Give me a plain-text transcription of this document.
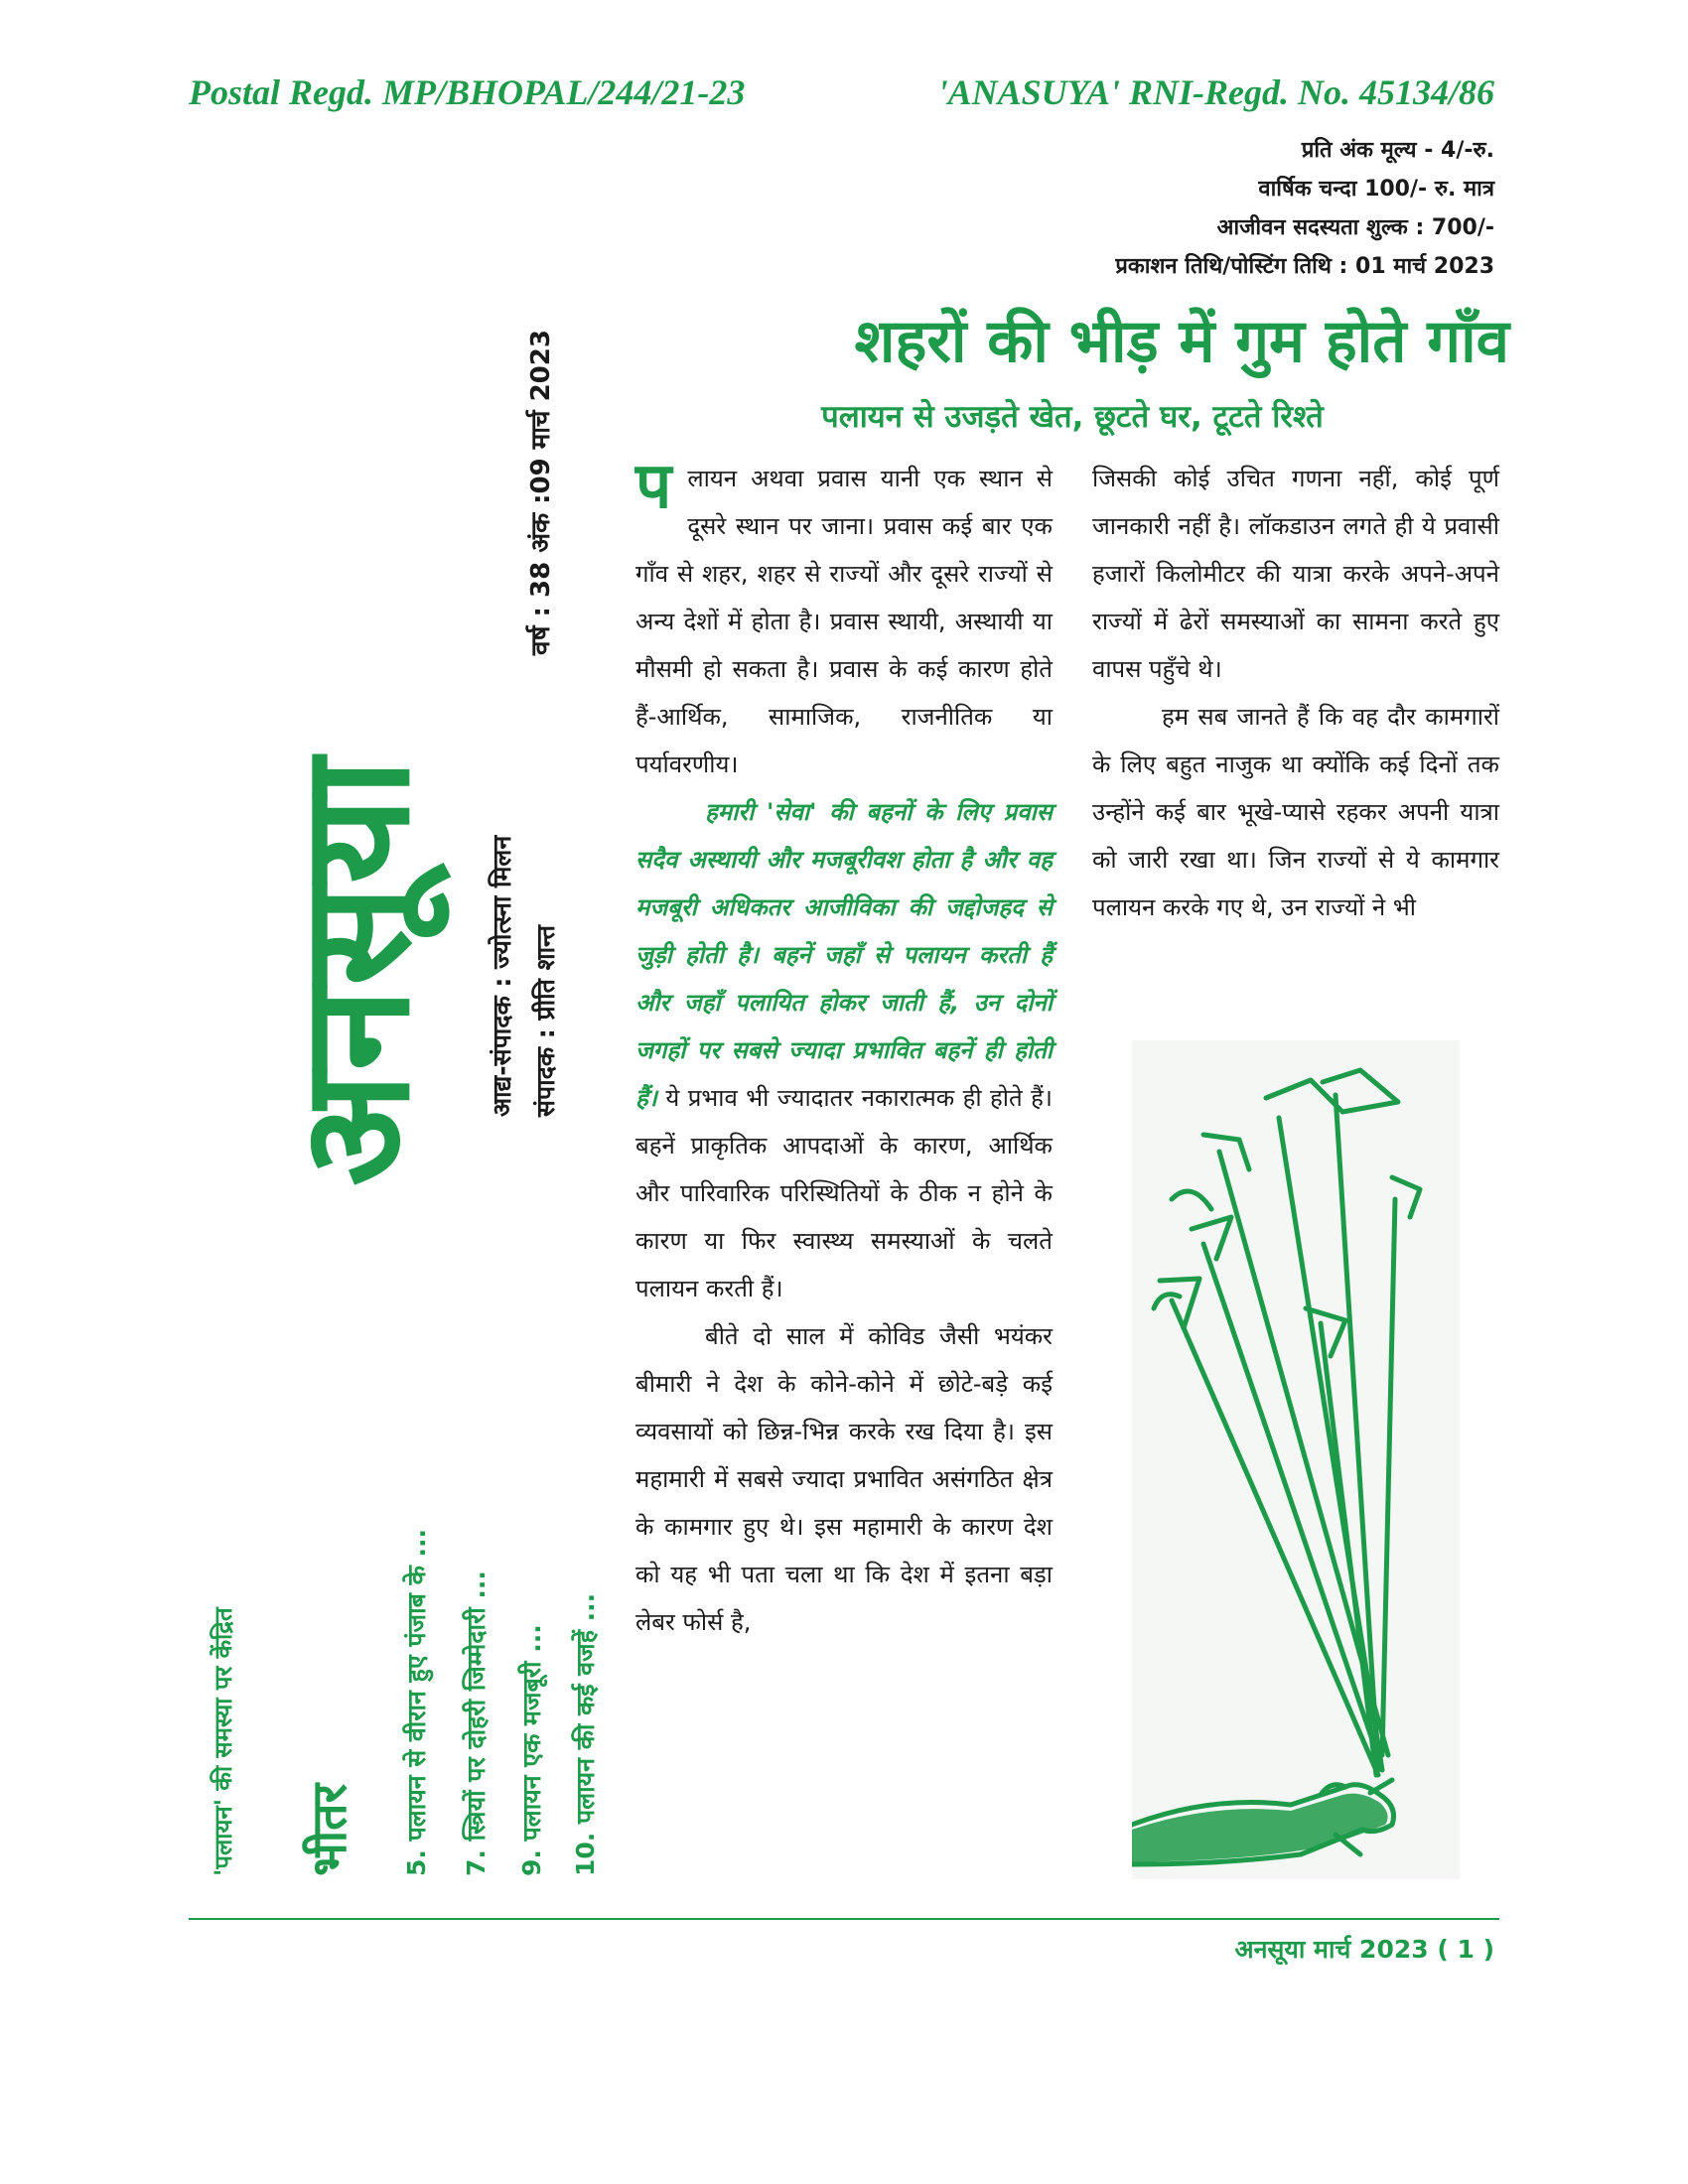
Postal Regd. MP/BHOPAL/244/21-23	'ANASUYA' RNI-Regd. No. 45134/86
प्रति अंक मूल्य - 4/-रु.
वार्षिक चन्दा 100/- रु. मात्र
आजीवन सदस्यता शुल्क : 700/-
प्रकाशन तिथि/पोस्टिंग तिथि : 01 मार्च 2023
शहरों की भीड़ में गुम होते गाँव
पलायन से उजड़ते खेत, छूटते घर, टूटते रिश्ते
अनसूया
वर्ष : 38 अंक :09 मार्च 2023
आद्य-संपादक : ज्योत्स्ना मिलन संपादक : प्रीति शान्त
'पलायन' की समस्या पर केंद्रित भीतर 5. पलायन से वीरान हुए पंजाब के ... 7. स्त्रियों पर दोहरी जिम्मेदारी ... 9. पलायन एक मजबूरी ... 10. पलायन की कई वजहें ...

पलायन अथवा प्रवास यानी एक स्थान से दूसरे स्थान पर जाना। प्रवास कई बार एक गाँव से शहर, शहर से राज्यों और दूसरे राज्यों से अन्य देशों में होता है। प्रवास स्थायी, अस्थायी या मौसमी हो सकता है। प्रवास के कई कारण होते हैं-आर्थिक, सामाजिक, राजनीतिक या पर्यावरणीय।

हमारी 'सेवा' की बहनों के लिए प्रवास सदैव अस्थायी और मजबूरीवश होता है और वह मजबूरी अधिकतर आजीविका की जद्दोजहद से जुड़ी होती है। बहनें जहाँ से पलायन करती हैं और जहाँ पलायित होकर जाती हैं, उन दोनों जगहों पर सबसे ज्यादा प्रभावित बहनें ही होती हैं। ये प्रभाव भी ज्यादातर नकारात्मक ही होते हैं। बहनें प्राकृतिक आपदाओं के कारण, आर्थिक और पारिवारिक परिस्थितियों के ठीक न होने के कारण या फिर स्वास्थ्य समस्याओं के चलते पलायन करती हैं।

बीते दो साल में कोविड जैसी भयंकर बीमारी ने देश के कोने-कोने में छोटे-बड़े कई व्यवसायों को छिन्न-भिन्न करके रख दिया है। इस महामारी में सबसे ज्यादा प्रभावित असंगठित क्षेत्र के कामगार हुए थे। इस महामारी के कारण देश को यह भी पता चला था कि देश में इतना बड़ा लेबर फोर्स है,

जिसकी कोई उचित गणना नहीं, कोई पूर्ण जानकारी नहीं है। लॉकडाउन लगते ही ये प्रवासी हजारों किलोमीटर की यात्रा करके अपने-अपने राज्यों में ढेरों समस्याओं का सामना करते हुए वापस पहुँचे थे।

हम सब जानते हैं कि वह दौर कामगारों के लिए बहुत नाजुक था क्योंकि कई दिनों तक उन्होंने कई बार भूखे-प्यासे रहकर अपनी यात्रा को जारी रखा था। जिन राज्यों से ये कामगार पलायन करके गए थे, उन राज्यों ने भी

अनसूया मार्च 2023 ( 1 )
